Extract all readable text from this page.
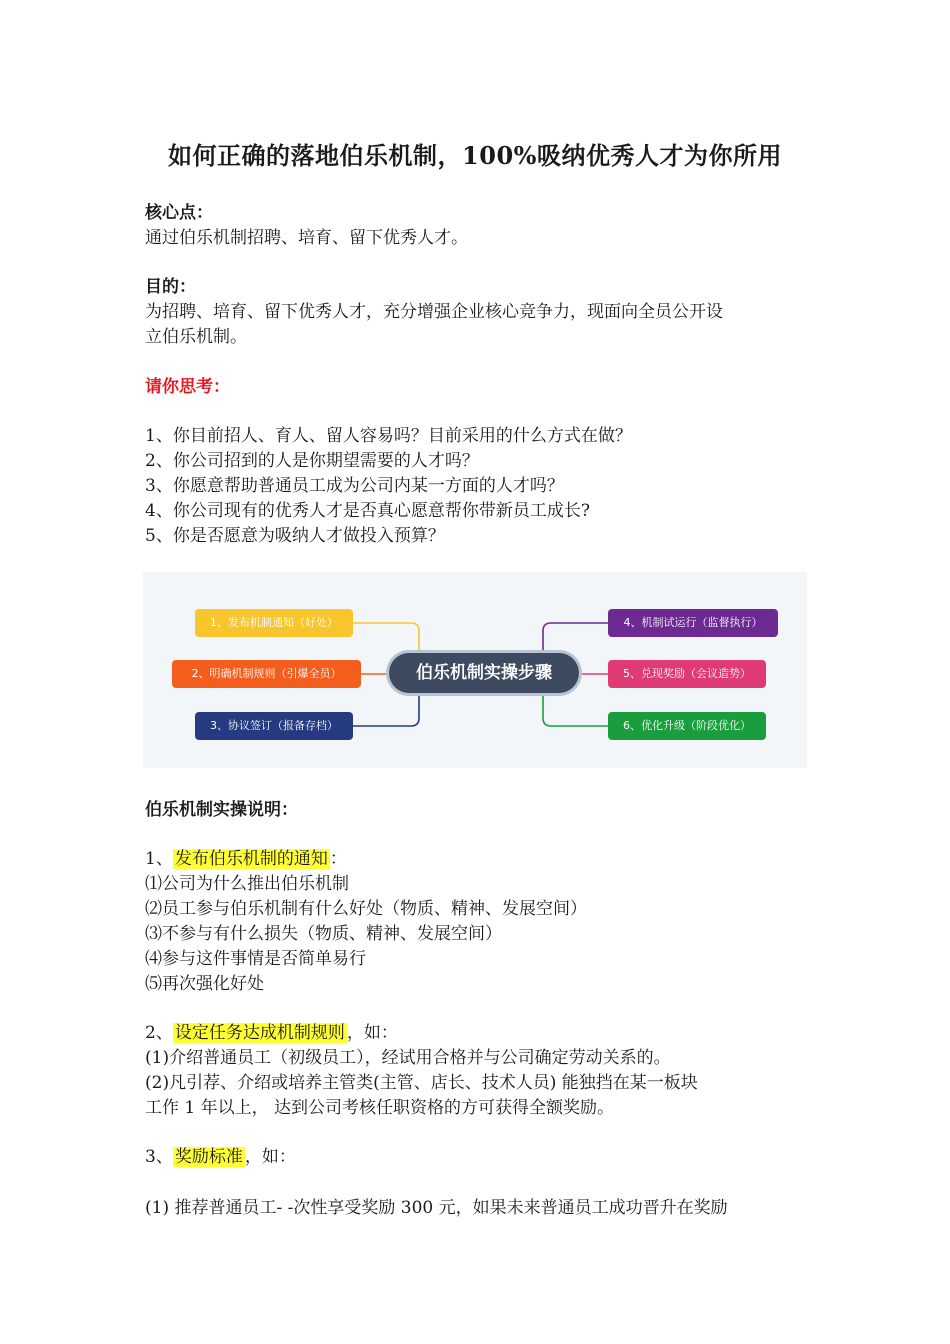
如何正确的落地伯乐机制，100%吸纳优秀人才为你所用
核心点：
通过伯乐机制招聘、培育、留下优秀人才。
目的：
为招聘、培育、留下优秀人才，充分增强企业核心竞争力，现面向全员公开设
立伯乐机制。
请你思考：
1、你目前招人、育人、留人容易吗？目前采用的什么方式在做？
2、你公司招到的人是你期望需要的人才吗？
3、你愿意帮助普通员工成为公司内某一方面的人才吗？
4、你公司现有的优秀人才是否真心愿意帮你带新员工成长?
5、你是否愿意为吸纳人才做投入预算？
伯乐机制实操步骤
1、发布机制通知（好处）
2、明确机制规则（引爆全员）
3、协议签订（报备存档）
4、机制试运行（监督执行）
5、兑现奖励（会议造势）
6、优化升级（阶段优化）
伯乐机制实操说明：
1、 发布伯乐机制的通知 ：
⑴公司为什么推出伯乐机制
⑵员工参与伯乐机制有什么好处（物质、精神、发展空间）
⑶不参与有什么损失（物质、精神、发展空间）
⑷参与这件事情是否简单易行
⑸再次强化好处
2、 设定任务达成机制规则 ，如：
(1)介绍普通员工（初级员工），经试用合格并与公司确定劳动关系的。
(2)凡引荐、介绍或培养主管类(主管、店长、技术人员) 能独挡在某一板块
工作 1 年以上， 达到公司考核任职资格的方可获得全额奖励。
3、 奖励标准 ，如：
(1) 推荐普通员工- -次性享受奖励 300 元，如果未来普通员工成功晋升在奖励
